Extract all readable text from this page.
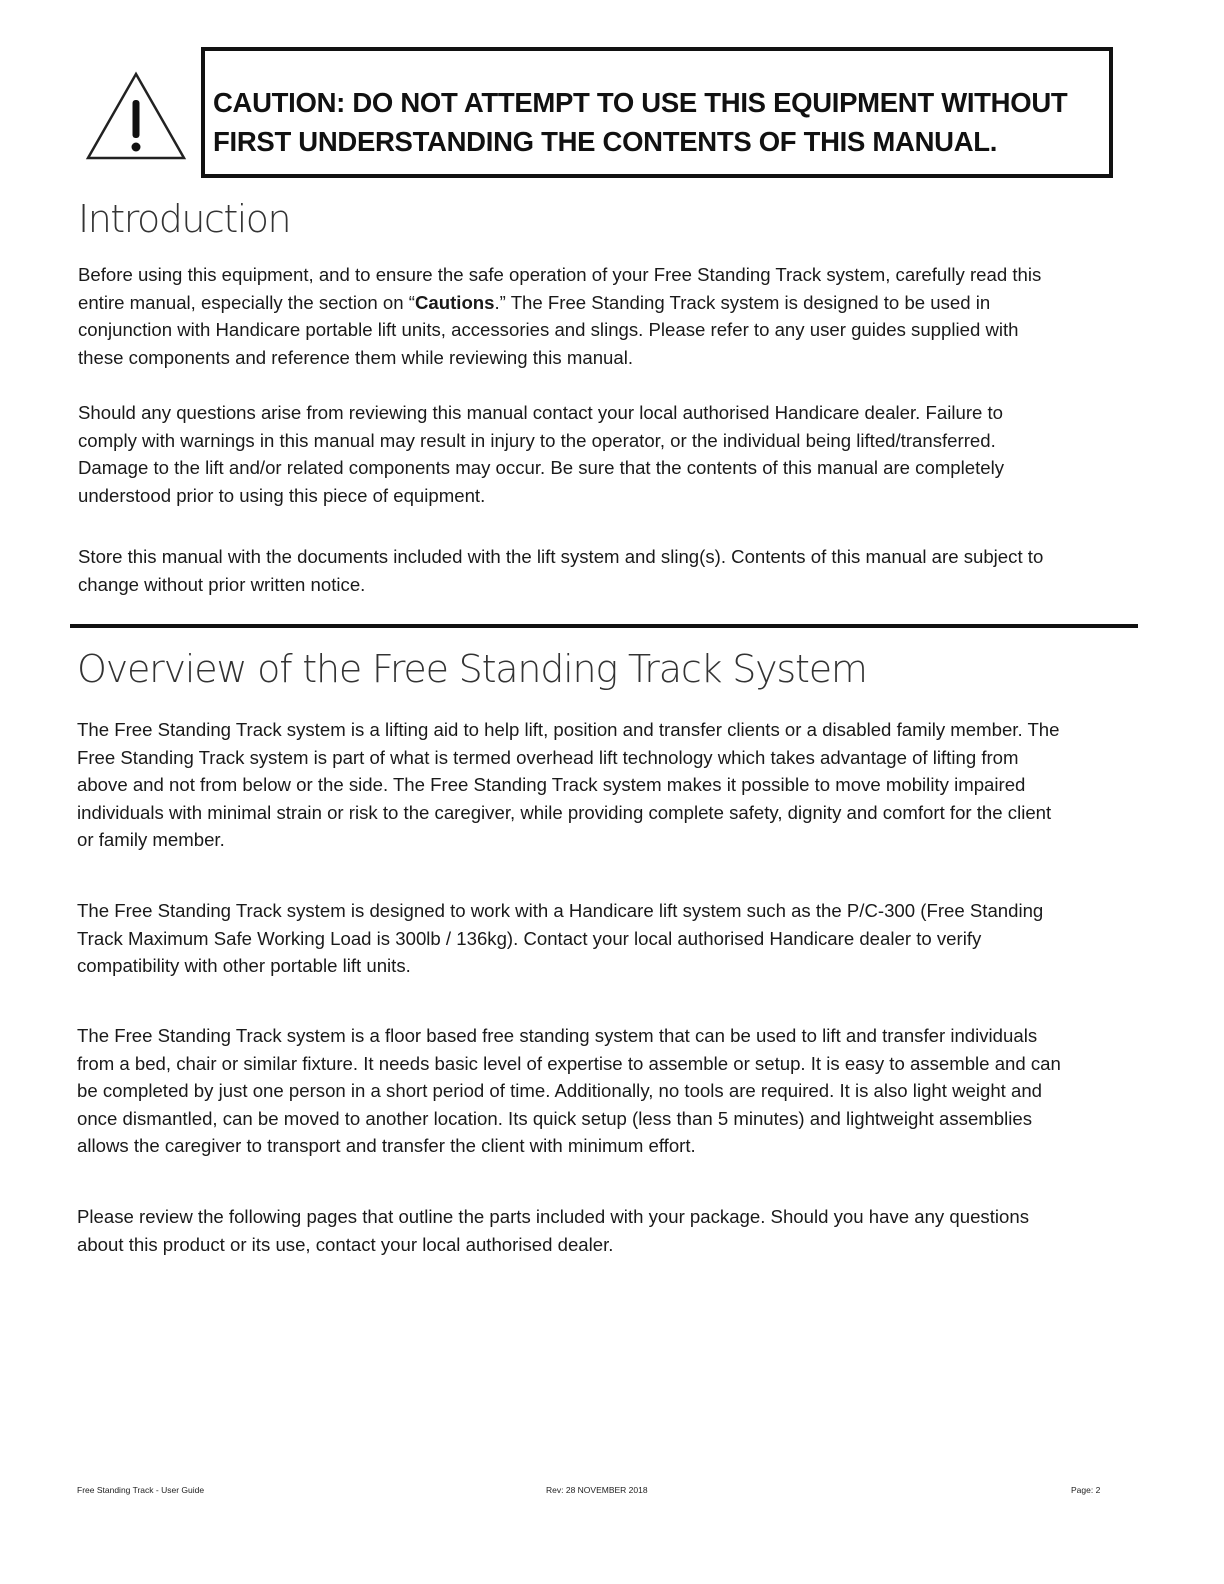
CAUTION: DO NOT ATTEMPT TO USE THIS EQUIPMENT WITHOUT
FIRST UNDERSTANDING THE CONTENTS OF THIS MANUAL.
Introduction
Before using this equipment, and to ensure the safe operation of your Free Standing Track system, carefully read this
entire manual, especially the section on “Cautions.” The Free Standing Track system is designed to be used in
conjunction with Handicare portable lift units, accessories and slings. Please refer to any user guides supplied with
these components and reference them while reviewing this manual.
Should any questions arise from reviewing this manual contact your local authorised Handicare dealer. Failure to
comply with warnings in this manual may result in injury to the operator, or the individual being lifted/transferred.
Damage to the lift and/or related components may occur. Be sure that the contents of this manual are completely
understood prior to using this piece of equipment.
Store this manual with the documents included with the lift system and sling(s). Contents of this manual are subject to
change without prior written notice.
Overview of the Free Standing Track System
The Free Standing Track system is a lifting aid to help lift, position and transfer clients or a disabled family member. The
Free Standing Track system is part of what is termed overhead lift technology which takes advantage of lifting from
above and not from below or the side. The Free Standing Track system makes it possible to move mobility impaired
individuals with minimal strain or risk to the caregiver, while providing complete safety, dignity and comfort for the client
or family member.
The Free Standing Track system is designed to work with a Handicare lift system such as the P/C-300 (Free Standing
Track Maximum Safe Working Load is 300lb / 136kg). Contact your local authorised Handicare dealer to verify
compatibility with other portable lift units.
The Free Standing Track system is a floor based free standing system that can be used to lift and transfer individuals
from a bed, chair or similar fixture. It needs basic level of expertise to assemble or setup. It is easy to assemble and can
be completed by just one person in a short period of time. Additionally, no tools are required. It is also light weight and
once dismantled, can be moved to another location. Its quick setup (less than 5 minutes) and lightweight assemblies
allows the caregiver to transport and transfer the client with minimum effort.
Please review the following pages that outline the parts included with your package. Should you have any questions
about this product or its use, contact your local authorised dealer.
Free Standing Track - User Guide	Rev: 28 NOVEMBER 2018	Page: 2
